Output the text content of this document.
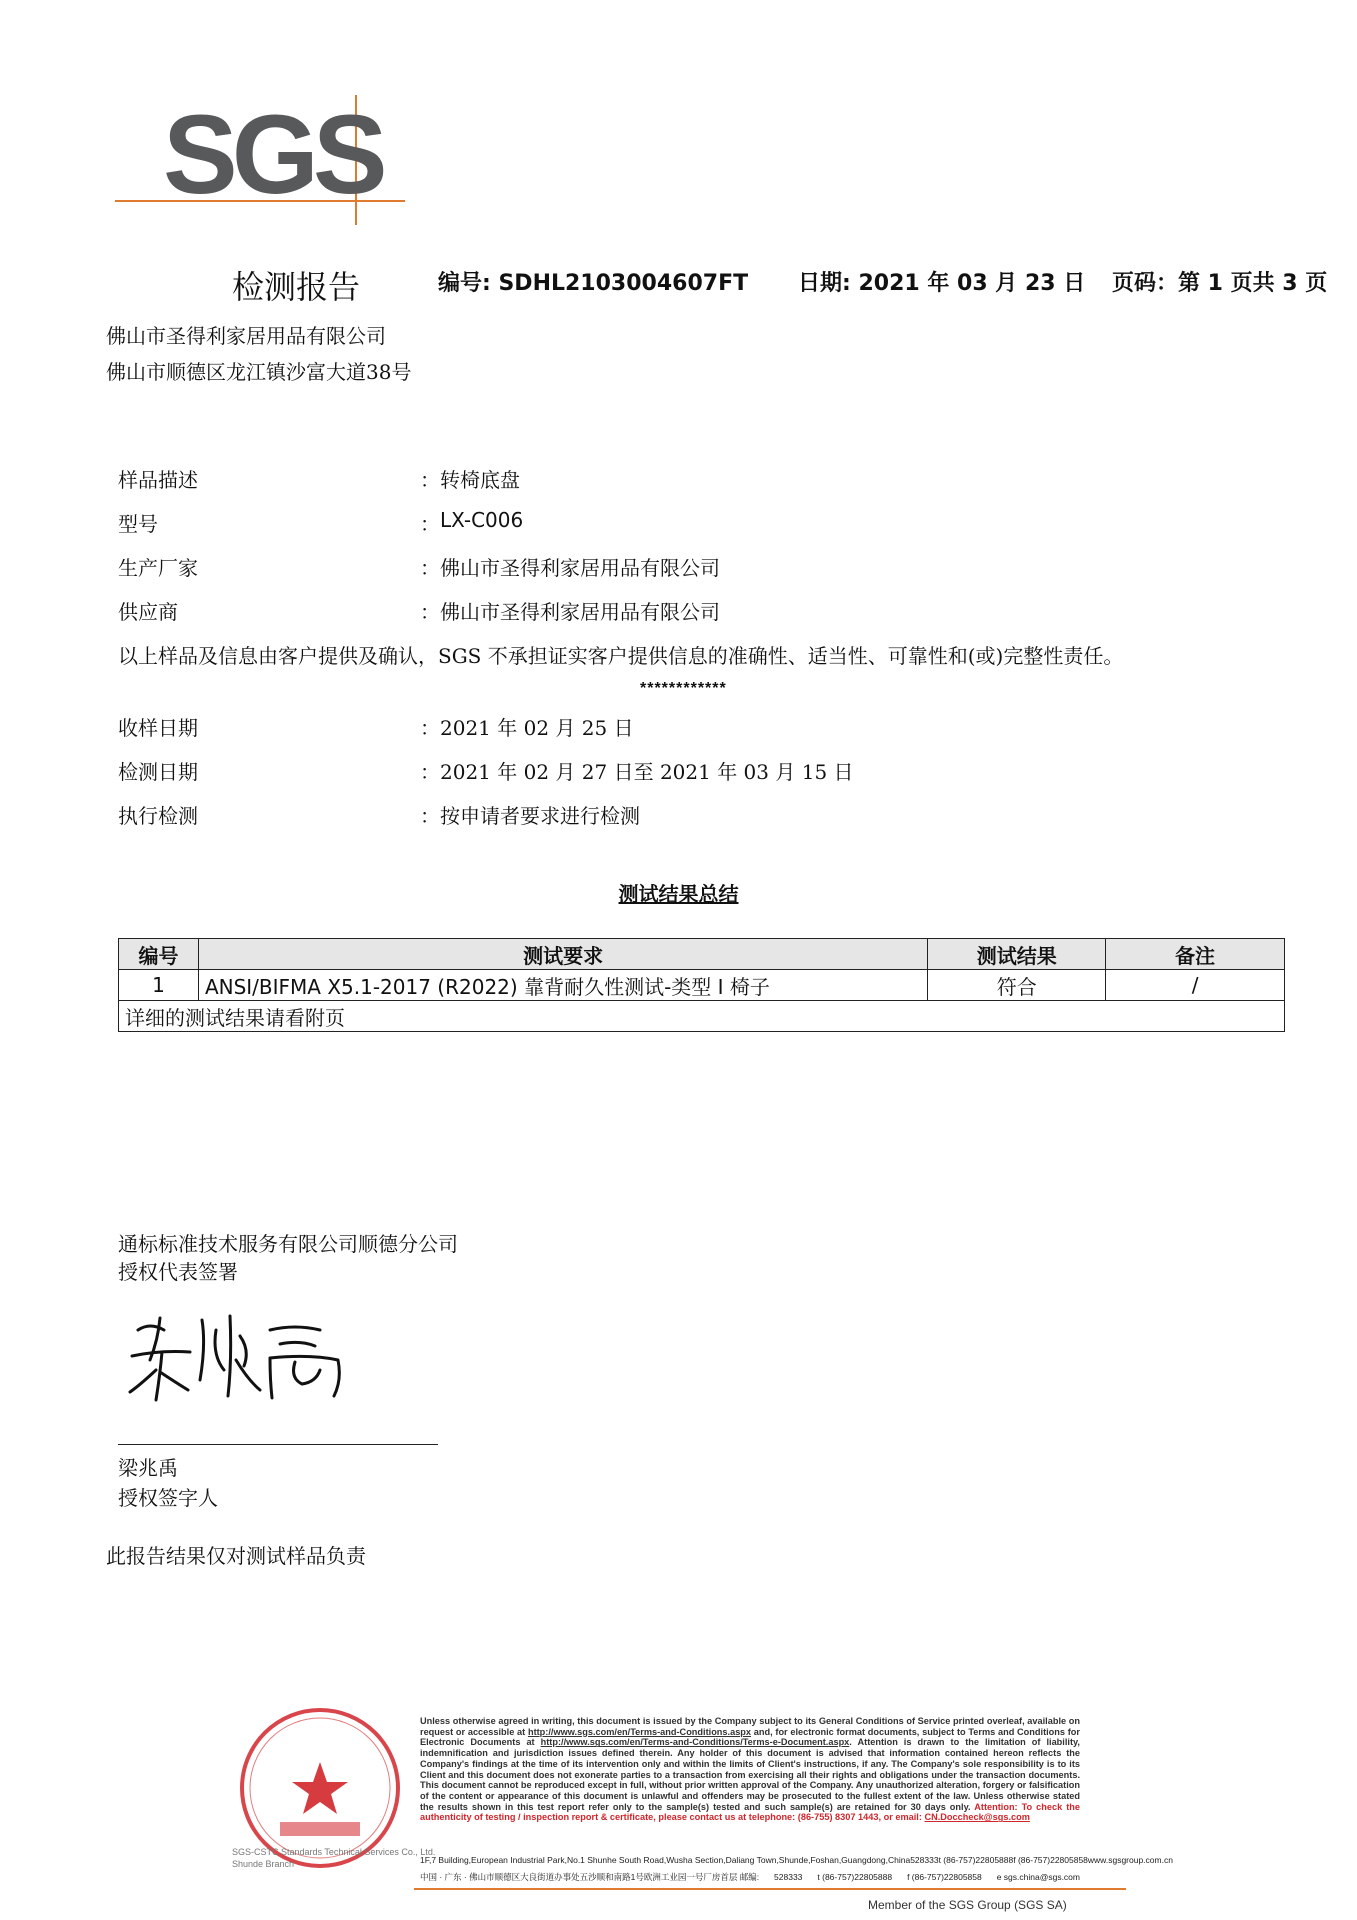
SGS
检测报告	编号: SDHL2103004607FT 日期: 2021 年 03 月 23 日 页码：第 1 页共 3 页
佛山市圣得利家居用品有限公司
佛山市顺德区龙江镇沙富大道38号
样品描述	： 转椅底盘
型号	： LX-C006
生产厂家	： 佛山市圣得利家居用品有限公司
供应商	： 佛山市圣得利家居用品有限公司
以上样品及信息由客户提供及确认，SGS 不承担证实客户提供信息的准确性、适当性、可靠性和(或)完整性责任。
************
收样日期	： 2021 年 02 月 25 日
检测日期	： 2021 年 02 月 27 日至 2021 年 03 月 15 日
执行检测	： 按申请者要求进行检测
测试结果总结
编号	测试要求	测试结果	备注
1	ANSI/BIFMA X5.1-2017 (R2022) 靠背耐久性测试-类型 I 椅子	符合	/
详细的测试结果请看附页			
通标标准技术服务有限公司顺德分公司
授权代表签署
梁兆禹
授权签字人
此报告结果仅对测试样品负责
SGS-CSTC Standards Technical Services Co., Ltd.
Shunde Branch
Unless otherwise agreed in writing, this document is issued by the Company subject to its General Conditions of Service printed overleaf, available on request or accessible at http://www.sgs.com/en/Terms-and-Conditions.aspx and, for electronic format documents, subject to Terms and Conditions for Electronic Documents at http://www.sgs.com/en/Terms-and-Conditions/Terms-e-Document.aspx. Attention is drawn to the limitation of liability, indemnification and jurisdiction issues defined therein. Any holder of this document is advised that information contained hereon reflects the Company's findings at the time of its intervention only and within the limits of Client's instructions, if any. The Company's sole responsibility is to its Client and this document does not exonerate parties to a transaction from exercising all their rights and obligations under the transaction documents. This document cannot be reproduced except in full, without prior written approval of the Company. Any unauthorized alteration, forgery or falsification of the content or appearance of this document is unlawful and offenders may be prosecuted to the fullest extent of the law. Unless otherwise stated the results shown in this test report refer only to the sample(s) tested and such sample(s) are retained for 30 days only. Attention: To check the authenticity of testing / inspection report & certificate, please contact us at telephone: (86-755) 8307 1443, or email: CN.Doccheck@sgs.com
1F,7 Building,European Industrial Park,No.1 Shunhe South Road,Wusha Section,Daliang Town,Shunde,Foshan,Guangdong,China 528333 t (86-757)22805888 f (86-757)22805858 www.sgsgroup.com.cn
中国 · 广东 · 佛山市顺德区大良街道办事处五沙顺和南路1号欧洲工业园一号厂房首层 邮编: 528333 t (86-757)22805888 f (86-757)22805858 e sgs.china@sgs.com
Member of the SGS Group (SGS SA)
